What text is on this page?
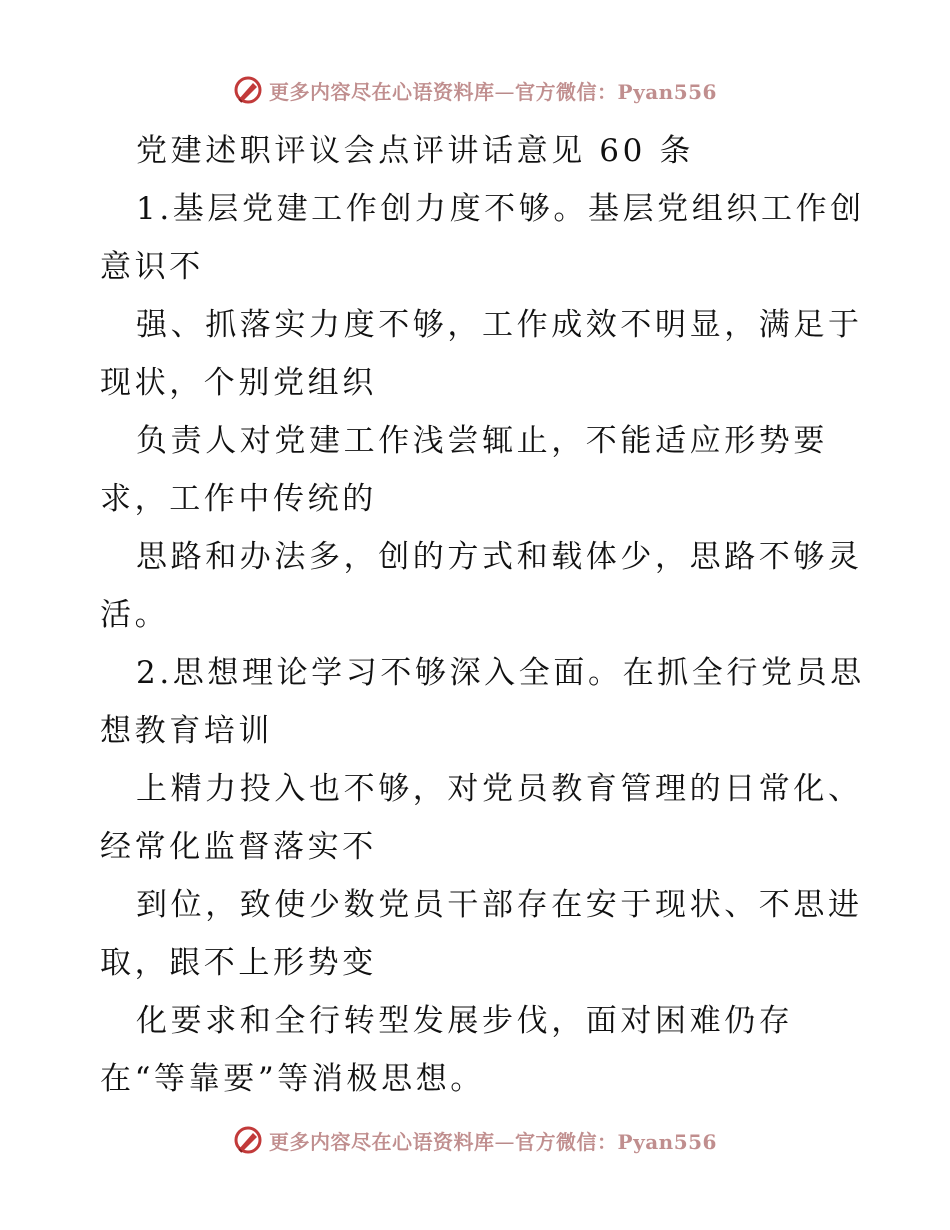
更多内容尽在心语资料库—官方微信：Pyan556
党建述职评议会点评讲话意见 60 条
1.基层党建工作创力度不够。基层党组织工作创
意识不
强、抓落实力度不够，工作成效不明显，满足于
现状，个别党组织
负责人对党建工作浅尝辄止，不能适应形势要
求，工作中传统的
思路和办法多，创的方式和载体少，思路不够灵
活。
2.思想理论学习不够深入全面。在抓全行党员思
想教育培训
上精力投入也不够，对党员教育管理的日常化、
经常化监督落实不
到位，致使少数党员干部存在安于现状、不思进
取，跟不上形势变
化要求和全行转型发展步伐，面对困难仍存
在“等靠要”等消极思想。
更多内容尽在心语资料库—官方微信：Pyan556
